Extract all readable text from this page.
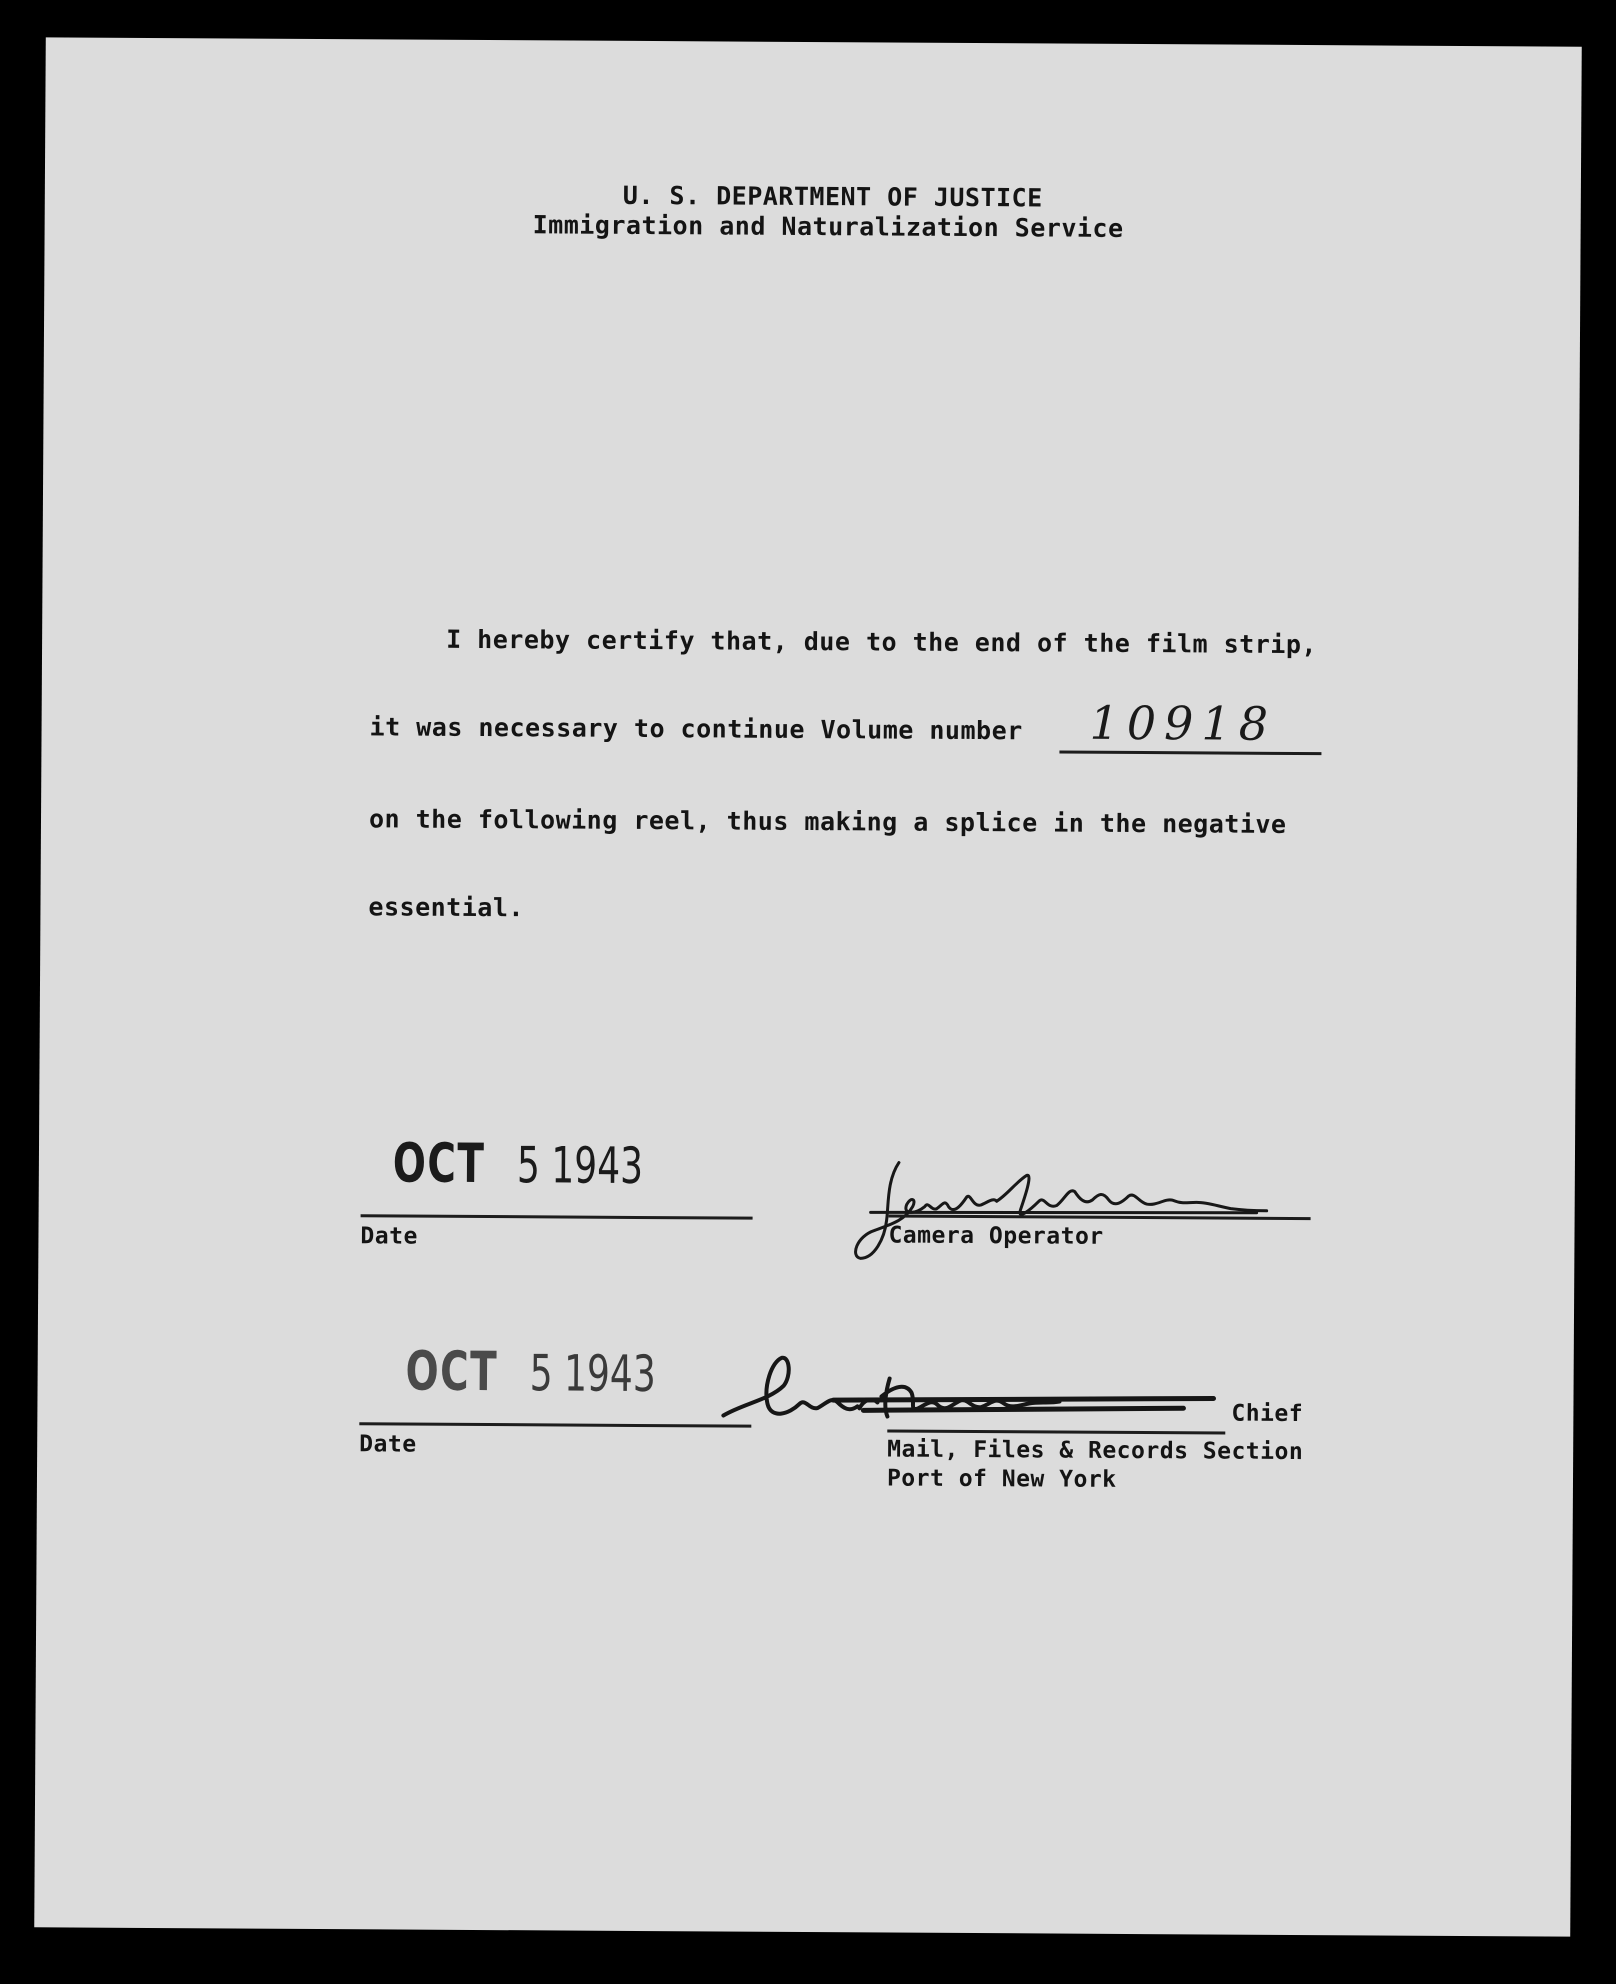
U. S. DEPARTMENT OF JUSTICE
Immigration and Naturalization Service
I hereby certify that, due to the end of the film strip,
it was necessary to continue Volume number 10918
on the following reel, thus making a splice in the negative
essential.
OCT 5 1943
Date	Camera Operator
OCT 5 1943
Date
Chief
Mail, Files & Records Section
Port of New York
